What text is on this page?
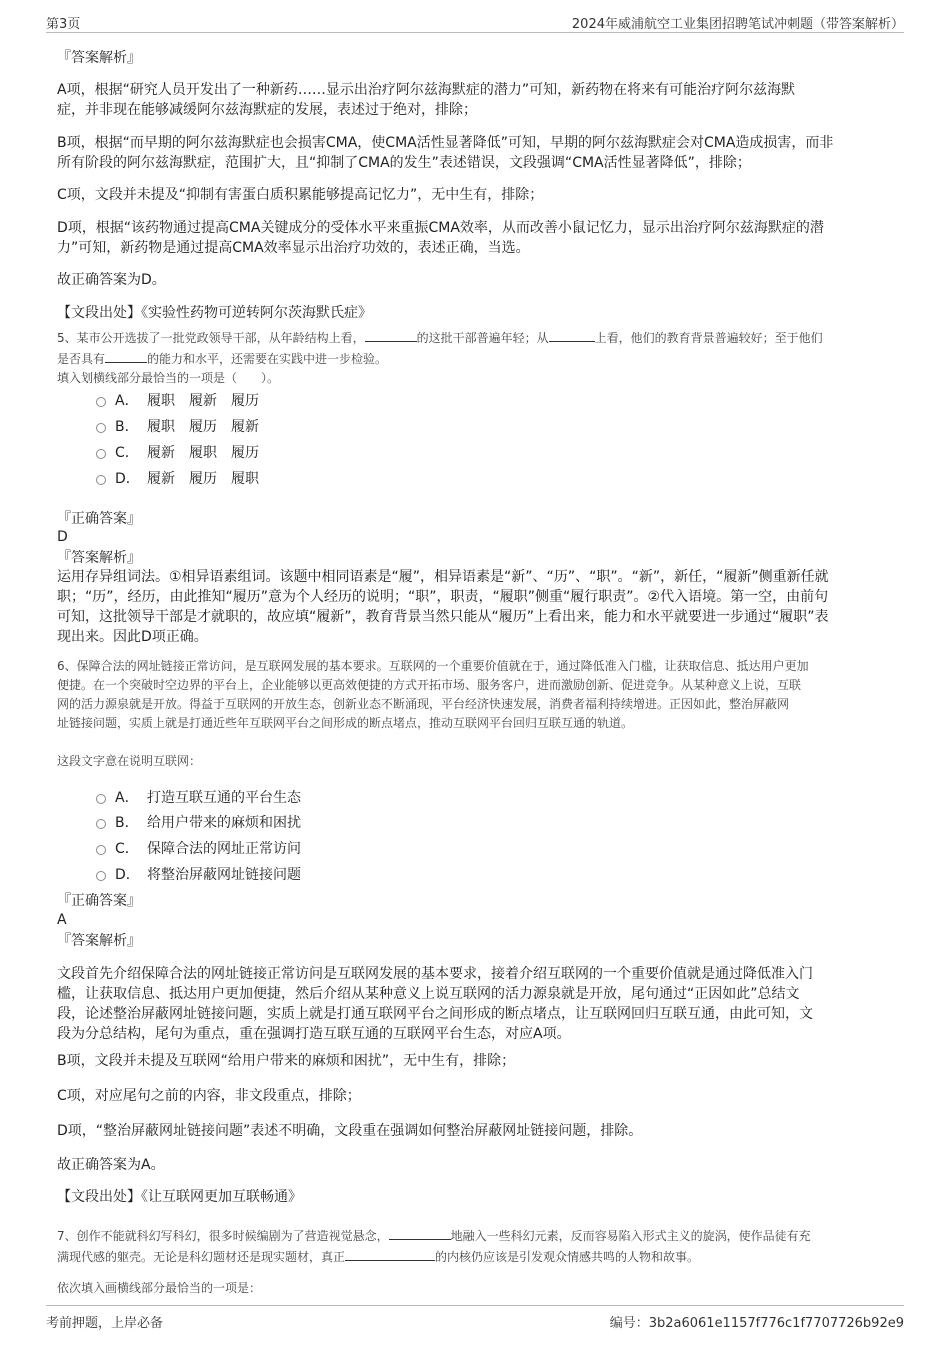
第3页	2024年威浦航空工业集团招聘笔试冲刺题（带答案解析）
『答案解析』
A项，根据“研究人员开发出了一种新药……显示出治疗阿尔兹海默症的潜力”可知，新药物在将来有可能治疗阿尔兹海默
症，并非现在能够减缓阿尔兹海默症的发展，表述过于绝对，排除；
B项，根据“而早期的阿尔兹海默症也会损害CMA，使CMA活性显著降低”可知，早期的阿尔兹海默症会对CMA造成损害，而非
所有阶段的阿尔兹海默症，范围扩大，且“抑制了CMA的发生”表述错误，文段强调“CMA活性显著降低”，排除；
C项，文段并未提及“抑制有害蛋白质积累能够提高记忆力”，无中生有，排除；
D项，根据“该药物通过提高CMA关键成分的受体水平来重振CMA效率，从而改善小鼠记忆力，显示出治疗阿尔兹海默症的潜
力”可知，新药物是通过提高CMA效率显示出治疗功效的，表述正确，当选。
故正确答案为D。
【文段出处】《实验性药物可逆转阿尔茨海默氏症》
5、某市公开选拔了一批党政领导干部，从年龄结构上看，	的这批干部普遍年轻；从	上看，他们的教育背景普遍较好；至于他们
是否具有	的能力和水平，还需要在实践中进一步检验。
填入划横线部分最恰当的一项是（　　）。
A． 履职 履新 履历
B． 履职 履历 履新
C． 履新 履职 履历
D． 履新 履历 履职
『正确答案』
D
『答案解析』
运用存异组词法。①相异语素组词。该题中相同语素是“履”，相异语素是“新”、“历”、“职”。“新”，新任，“履新”侧重新任就
职；“历”，经历，由此推知“履历”意为个人经历的说明；“职”，职责，“履职”侧重“履行职责”。②代入语境。第一空，由前句
可知，这批领导干部是才就职的，故应填“履新”，教育背景当然只能从“履历”上看出来，能力和水平就要进一步通过“履职”表
现出来。因此D项正确。
6、保障合法的网址链接正常访问，是互联网发展的基本要求。互联网的一个重要价值就在于，通过降低准入门槛，让获取信息、抵达用户更加
便捷。在一个突破时空边界的平台上，企业能够以更高效便捷的方式开拓市场、服务客户，进而激励创新、促进竞争。从某种意义上说，互联
网的活力源泉就是开放。得益于互联网的开放生态，创新业态不断涌现，平台经济快速发展，消费者福利持续增进。正因如此，整治屏蔽网
址链接问题，实质上就是打通近些年互联网平台之间形成的断点堵点，推动互联网平台回归互联互通的轨道。
这段文字意在说明互联网：
A． 打造互联互通的平台生态
B． 给用户带来的麻烦和困扰
C． 保障合法的网址正常访问
D． 将整治屏蔽网址链接问题
『正确答案』
A
『答案解析』
文段首先介绍保障合法的网址链接正常访问是互联网发展的基本要求，接着介绍互联网的一个重要价值就是通过降低准入门
槛，让获取信息、抵达用户更加便捷，然后介绍从某种意义上说互联网的活力源泉就是开放，尾句通过“正因如此”总结文
段，论述整治屏蔽网址链接问题，实质上就是打通互联网平台之间形成的断点堵点，让互联网回归互联互通，由此可知，文
段为分总结构，尾句为重点，重在强调打造互联互通的互联网平台生态，对应A项。
B项，文段并未提及互联网“给用户带来的麻烦和困扰”，无中生有，排除；
C项，对应尾句之前的内容，非文段重点，排除；
D项，“整治屏蔽网址链接问题”表述不明确，文段重在强调如何整治屏蔽网址链接问题，排除。
故正确答案为A。
【文段出处】《让互联网更加互联畅通》
7、创作不能就科幻写科幻，很多时候编剧为了营造视觉悬念，	地融入一些科幻元素，反而容易陷入形式主义的旋涡，使作品徒有充
满现代感的躯壳。无论是科幻题材还是现实题材，真正	的内核仍应该是引发观众情感共鸣的人物和故事。
依次填入画横线部分最恰当的一项是：
考前押题，上岸必备	编号：3b2a6061e1157f776c1f7707726b92e9
